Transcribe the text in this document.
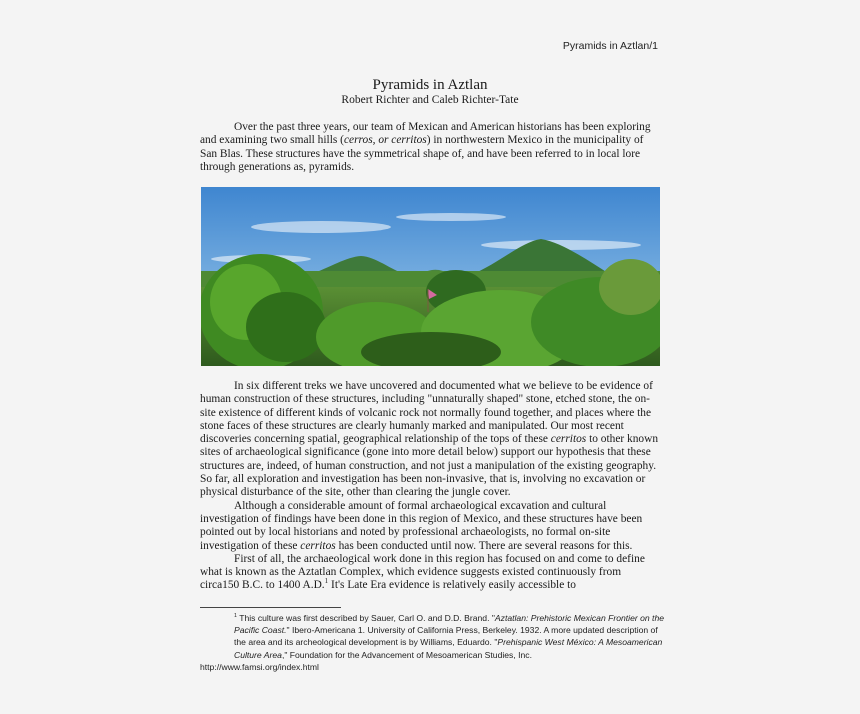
Pyramids in Aztlan/1
Pyramids in Aztlan
Robert Richter and Caleb Richter-Tate

Over the past three years, our team of Mexican and American historians has been exploring and examining two small hills (cerros, or cerritos) in northwestern Mexico in the municipality of San Blas. These structures have the symmetrical shape of, and have been referred to in local lore through generations as, pyramids.

In six different treks we have uncovered and documented what we believe to be evidence of human construction of these structures, including "unnaturally shaped" stone, etched stone, the on-site existence of different kinds of volcanic rock not normally found together, and places where the stone faces of these structures are clearly humanly marked and manipulated. Our most recent discoveries concerning spatial, geographical relationship of the tops of these cerritos to other known sites of archaeological significance (gone into more detail below) support our hypothesis that these structures are, indeed, of human construction, and not just a manipulation of the existing geography. So far, all exploration and investigation has been non-invasive, that is, involving no excavation or physical disturbance of the site, other than clearing the jungle cover.

Although a considerable amount of formal archaeological excavation and cultural investigation of findings have been done in this region of Mexico, and these structures have been pointed out by local historians and noted by professional archaeologists, no formal on-site investigation of these cerritos has been conducted until now. There are several reasons for this.

First of all, the archaeological work done in this region has focused on and come to define what is known as the Aztatlan Complex, which evidence suggests existed continuously from circa150 B.C. to 1400 A.D.$^1$ It's Late Era evidence is relatively easily accessible to

$^1$ This culture was first described by Sauer, Carl O. and D.D. Brand. "Aztatlan: Prehistoric Mexican Frontier on the Pacific Coast." Ibero-Americana 1. University of California Press, Berkeley. 1932. A more updated description of the area and its archeological development is by Williams, Eduardo. "Prehispanic West México: A Mesoamerican Culture Area," Foundation for the Advancement of Mesoamerican Studies, Inc.
http://www.famsi.org/index.html
